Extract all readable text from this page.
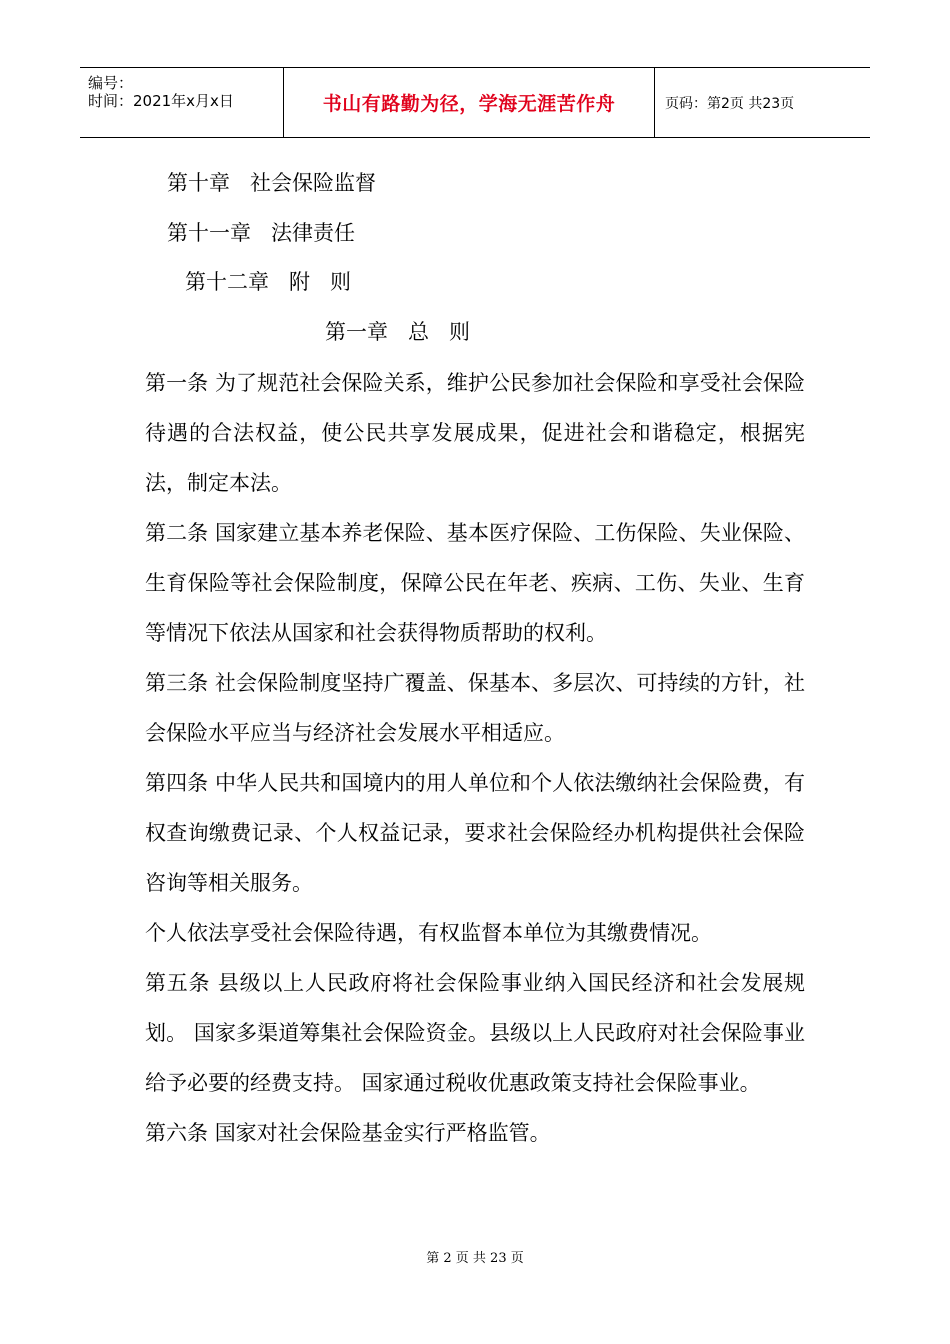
编号：
时间：2021年x月x日	书山有路勤为径，学海无涯苦作舟	页码：第2页 共23页
第十章   社会保险监督
第十一章   法律责任
第十二章   附   则
第一章   总   则

第一条 为了规范社会保险关系，维护公民参加社会保险和享受社会保险待遇的合法权益，使公民共享发展成果，促进社会和谐稳定，根据宪法，制定本法。

第二条 国家建立基本养老保险、基本医疗保险、工伤保险、失业保险、生育保险等社会保险制度，保障公民在年老、疾病、工伤、失业、生育等情况下依法从国家和社会获得物质帮助的权利。

第三条 社会保险制度坚持广覆盖、保基本、多层次、可持续的方针，社会保险水平应当与经济社会发展水平相适应。

第四条 中华人民共和国境内的用人单位和个人依法缴纳社会保险费，有权查询缴费记录、个人权益记录，要求社会保险经办机构提供社会保险咨询等相关服务。

个人依法享受社会保险待遇，有权监督本单位为其缴费情况。

第五条 县级以上人民政府将社会保险事业纳入国民经济和社会发展规划。 国家多渠道筹集社会保险资金。县级以上人民政府对社会保险事业给予必要的经费支持。 国家通过税收优惠政策支持社会保险事业。

第六条 国家对社会保险基金实行严格监管。

第 2 页 共 23 页
